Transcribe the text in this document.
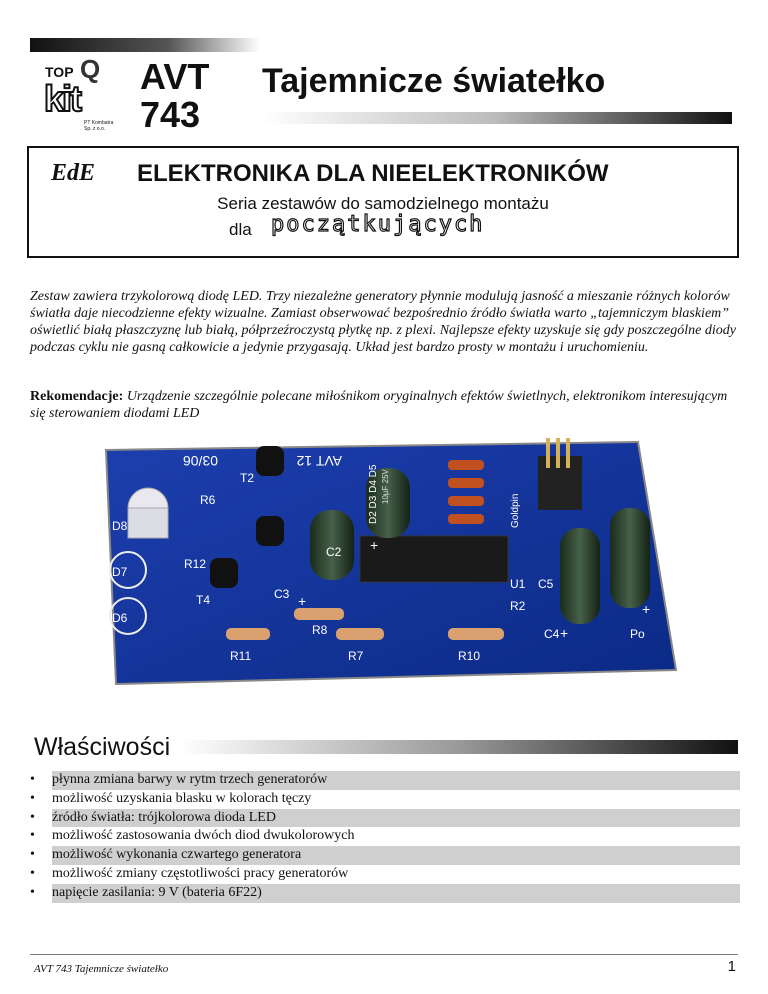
TOP Q
kit
PT Kombatra Sp. z o.o.
AVT
743
Tajemnicze światełko
EdE ELEKTRONIKA DLA NIEELEKTRONIKÓW
Seria zestawów do samodzielnego montażu
dla początkujących
Zestaw zawiera trzykolorową diodę LED. Trzy niezależne generatory płynnie modulują jasność a mieszanie różnych kolorów światła daje niecodzienne efekty wizualne. Zamiast obserwować bezpośrednio źródło światła warto „tajemniczym blaskiem” oświetlić białą płaszczyznę lub białą, półprzeźroczystą płytkę np. z plexi. Najlepsze efekty uzyskuje się gdy poszczególne diody podczas cyklu nie gasną całkowicie a jedynie przygasają. Układ jest bardzo prosty w montażu i uruchomieniu.
Rekomendacje: Urządzenie szczególnie polecane miłośnikom oryginalnych efektów świetlnych, elektronikom interesującym się sterowaniem diodami LED
03/06	AVT 12
10µF 25V
Goldpin
D8
D7
D6
R6
T2
R12
T4	C3
R11
R8
R7
C2
D2 D3 D4 D5
U1
R2
C5
C4
R10
Po
+
+
+
+
Właściwości
• płynna zmiana barwy w rytm trzech generatorów
• możliwość uzyskania blasku w kolorach tęczy
• źródło światła: trójkolorowa dioda LED
• możliwość zastosowania dwóch diod dwukolorowych
• możliwość wykonania czwartego generatora
• możliwość zmiany częstotliwości pracy generatorów
• napięcie zasilania: 9 V (bateria 6F22)
AVT 743 Tajemnicze światełko	1
